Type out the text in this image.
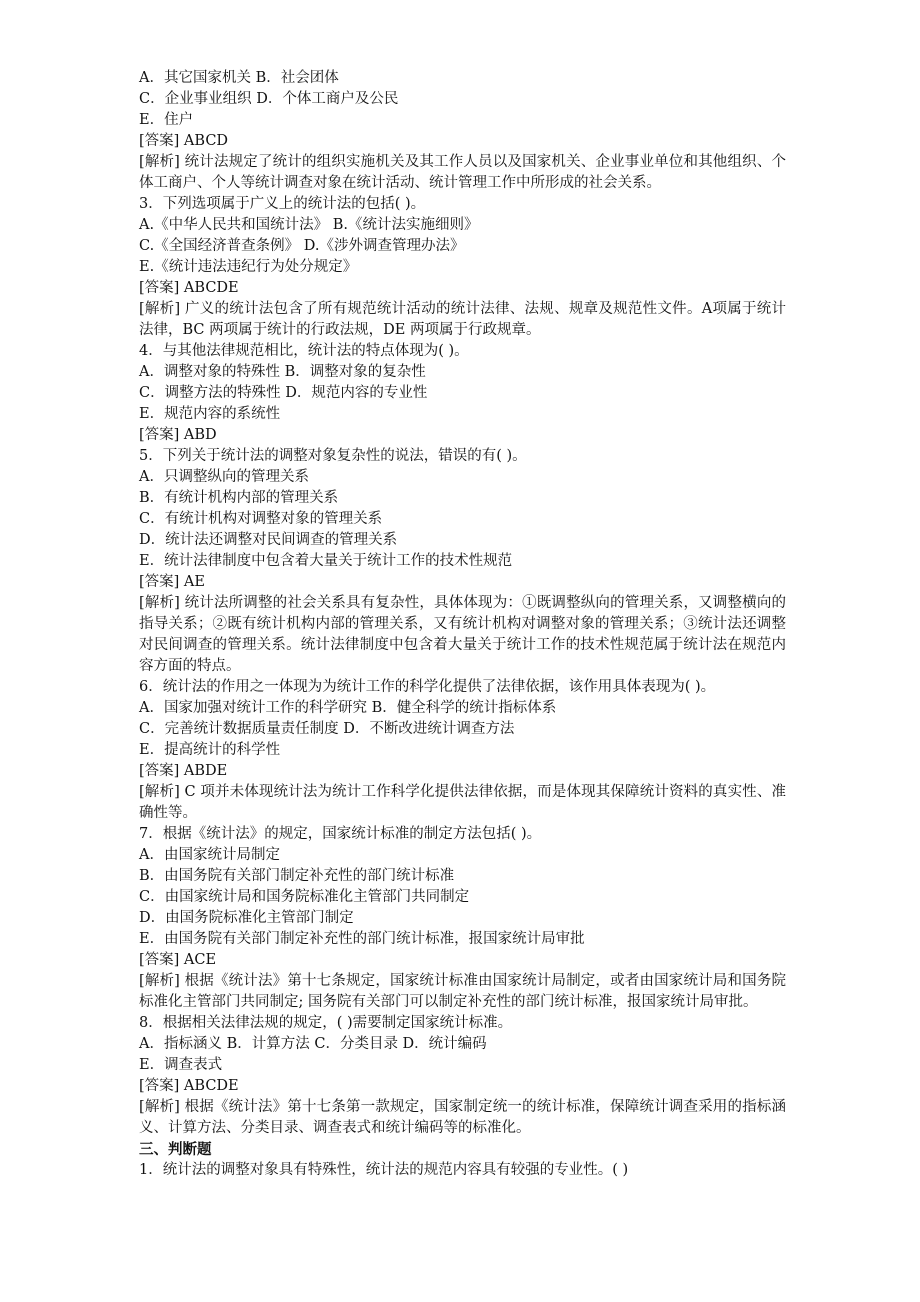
A．其它国家机关 B．社会团体
C．企业事业组织 D．个体工商户及公民
E．住户
[答案] ABCD
[解析] 统计法规定了统计的组织实施机关及其工作人员以及国家机关、企业事业单位和其他组织、个体工商户、个人等统计调查对象在统计活动、统计管理工作中所形成的社会关系。
3．下列选项属于广义上的统计法的包括( )。
A.《中华人民共和国统计法》 B.《统计法实施细则》
C.《全国经济普查条例》 D.《涉外调查管理办法》
E.《统计违法违纪行为处分规定》
[答案] ABCDE
[解析] 广义的统计法包含了所有规范统计活动的统计法律、法规、规章及规范性文件。A项属于统计法律，BC 两项属于统计的行政法规，DE 两项属于行政规章。
4．与其他法律规范相比，统计法的特点体现为( )。
A．调整对象的特殊性 B．调整对象的复杂性
C．调整方法的特殊性 D．规范内容的专业性
E．规范内容的系统性
[答案] ABD
5．下列关于统计法的调整对象复杂性的说法，错误的有( )。
A．只调整纵向的管理关系
B．有统计机构内部的管理关系
C．有统计机构对调整对象的管理关系
D．统计法还调整对民间调查的管理关系
E．统计法律制度中包含着大量关于统计工作的技术性规范
[答案] AE
[解析] 统计法所调整的社会关系具有复杂性，具体体现为：①既调整纵向的管理关系，又调整横向的指导关系；②既有统计机构内部的管理关系，又有统计机构对调整对象的管理关系；③统计法还调整对民间调查的管理关系。统计法律制度中包含着大量关于统计工作的技术性规范属于统计法在规范内容方面的特点。
6．统计法的作用之一体现为为统计工作的科学化提供了法律依据，该作用具体表现为( )。
A．国家加强对统计工作的科学研究 B．健全科学的统计指标体系
C．完善统计数据质量责任制度 D．不断改进统计调查方法
E．提高统计的科学性
[答案] ABDE
[解析] C 项并未体现统计法为统计工作科学化提供法律依据，而是体现其保障统计资料的真实性、准确性等。
7．根据《统计法》的规定，国家统计标准的制定方法包括( )。
A．由国家统计局制定
B．由国务院有关部门制定补充性的部门统计标准
C．由国家统计局和国务院标准化主管部门共同制定
D．由国务院标准化主管部门制定
E．由国务院有关部门制定补充性的部门统计标准，报国家统计局审批
[答案] ACE
[解析] 根据《统计法》第十七条规定，国家统计标准由国家统计局制定，或者由国家统计局和国务院标准化主管部门共同制定; 国务院有关部门可以制定补充性的部门统计标准，报国家统计局审批。
8．根据相关法律法规的规定，( )需要制定国家统计标准。
A．指标涵义 B．计算方法 C．分类目录 D．统计编码
E．调查表式
[答案] ABCDE
[解析] 根据《统计法》第十七条第一款规定，国家制定统一的统计标准，保障统计调查采用的指标涵义、计算方法、分类目录、调查表式和统计编码等的标准化。
三、判断题
1．统计法的调整对象具有特殊性，统计法的规范内容具有较强的专业性。( )
